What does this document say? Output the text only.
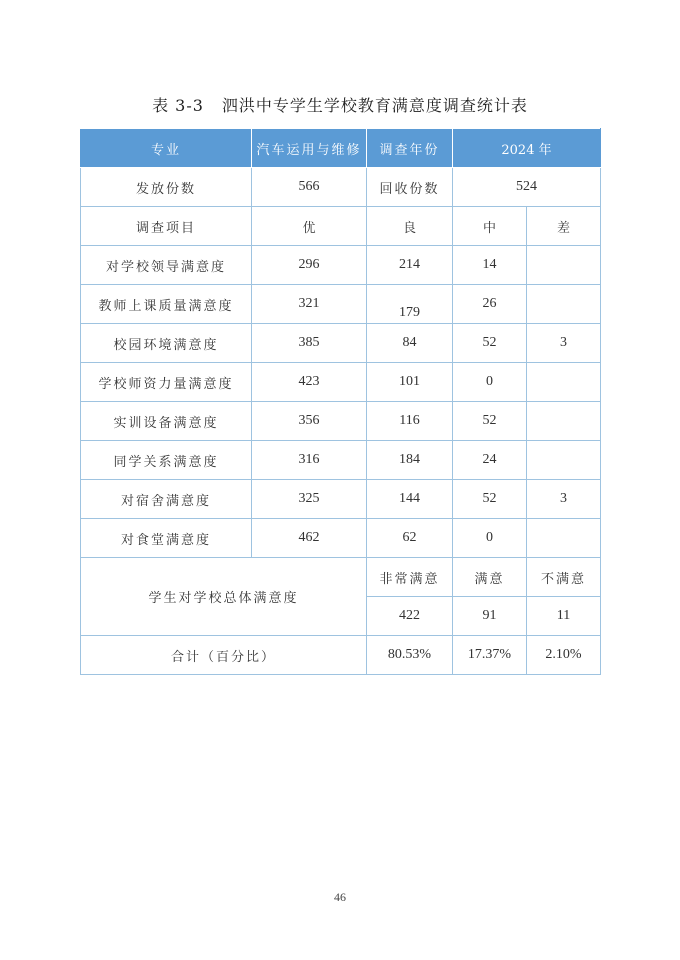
表 3-3 泗洪中专学生学校教育满意度调查统计表
专业	汽车运用与维修	调查年份	2024 年	
发放份数	566	回收份数	524	
调查项目	优	良	中	差
对学校领导满意度	296	214	14	
教师上课质量满意度	321	179	26	
校园环境满意度	385	84	52	3
学校师资力量满意度	423	101	0	
实训设备满意度	356	116	52	
同学关系满意度	316	184	24	
对宿舍满意度	325	144	52	3
对食堂满意度	462	62	0	
学生对学校总体满意度		非常满意	满意	不满意
		422	91	11
合计（百分比）		80.53%	17.37%	2.10%
46
